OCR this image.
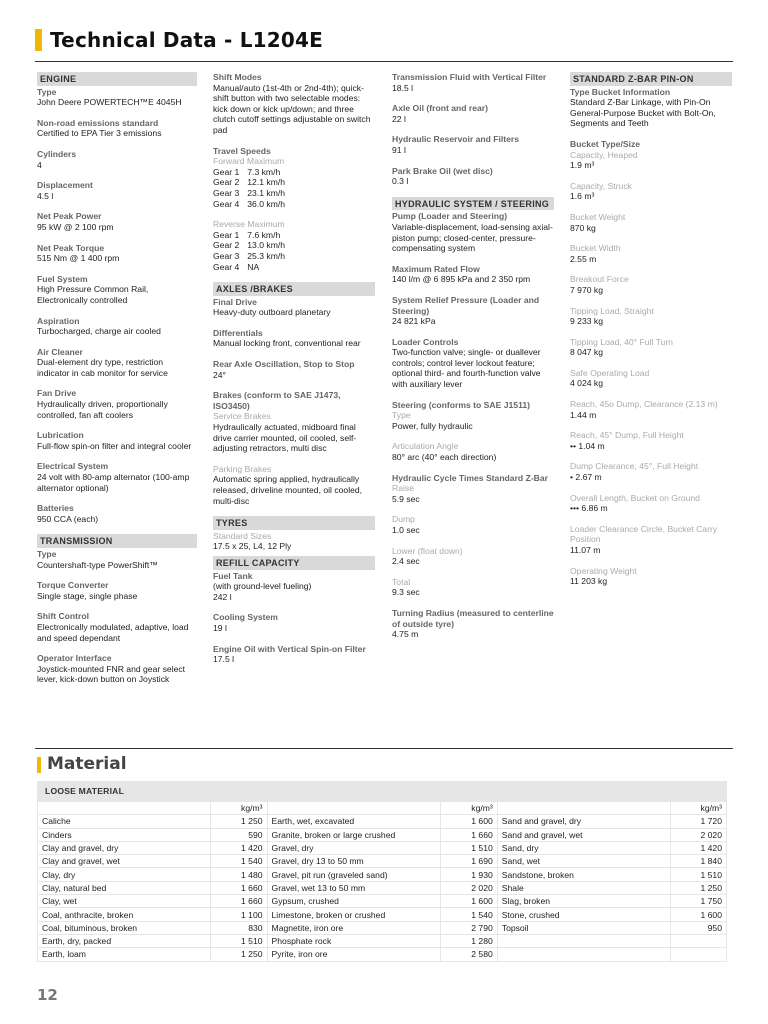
Technical Data - L1204E
ENGINE
Type
John Deere POWERTECH™E 4045H
Non-road emissions standard
Certified to EPA Tier 3 emissions
Cylinders
4
Displacement
4.5 l
Net Peak Power
95 kW @ 2 100 rpm
Net Peak Torque
515 Nm @ 1 400 rpm
Fuel System
High Pressure Common Rail, Electronically controlled
Aspiration
Turbocharged, charge air cooled
Air Cleaner
Dual-element dry type, restriction indicator in cab monitor for service
Fan Drive
Hydraulically driven, proportionally controlled, fan aft coolers
Lubrication
Full-flow spin-on filter and integral cooler
Electrical System
24 volt with 80-amp alternator (100-amp alternator optional)
Batteries
950 CCA (each)
TRANSMISSION
Type
Countershaft-type PowerShift™
Torque Converter
Single stage, single phase
Shift Control
Electronically modulated, adaptive, load and speed dependant
Operator Interface
Joystick-mounted FNR and gear select lever, kick-down button on Joystick
Shift Modes
Manual/auto (1st-4th or 2nd-4th); quick-shift button with two selectable modes: kick down or kick up/down; and three clutch cutoff settings adjustable on switch pad
Travel Speeds
Forward Maximum
Gear 1	7.3 km/h
Gear 2	12.1 km/h
Gear 3	23.1 km/h
Gear 4	36.0 km/h
Reverse Maximum
Gear 1	7.6 km/h
Gear 2	13.0 km/h
Gear 3	25.3 km/h
Gear 4	NA
AXLES /BRAKES
Final Drive
Heavy-duty outboard planetary
Differentials
Manual locking front, conventional rear
Rear Axle Oscillation, Stop to Stop
24°
Brakes (conform to SAE J1473, ISO3450)
Service Brakes
Hydraulically actuated, midboard final drive carrier mounted, oil cooled, self-adjusting retractors, multi disc
Parking Brakes
Automatic spring applied, hydraulically released, driveline mounted, oil cooled, multi-disc
TYRES
Standard Sizes
17.5 x 25, L4, 12 Ply
REFILL CAPACITY
Fuel Tank
(with ground-level fueling)
242 l
Cooling System
19 l
Engine Oil with Vertical Spin-on Filter
17.5 l
Transmission Fluid with Vertical Filter
18.5 l
Axle Oil (front and rear)
22 l
Hydraulic Reservoir and Filters
91 l
Park Brake Oil (wet disc)
0.3 l
HYDRAULIC SYSTEM / STEERING
Pump (Loader and Steering)
Variable-displacement, load-sensing axial-piston pump; closed-center, pressure-compensating system
Maximum Rated Flow
140 l/m @ 6 895 kPa and 2 350 rpm
System Relief Pressure (Loader and Steering)
24 821 kPa
Loader Controls
Two-function valve; single- or duallever controls; control lever lockout feature; optional third- and fourth-function valve with auxiliary lever
Steering (conforms to SAE J1511)
Type
Power, fully hydraulic
Articulation Angle
80° arc (40° each direction)
Hydraulic Cycle Times Standard Z-Bar
Raise
5.9 sec
Dump
1.0 sec
Lower (float down)
2.4 sec
Total
9.3 sec
Turning Radius (measured to centerline of outside tyre)
4.75 m
STANDARD Z-BAR PIN-ON
Type Bucket Information
Standard Z-Bar Linkage, with Pin-On General-Purpose Bucket with Bolt-On, Segments and Teeth
Bucket Type/Size
Capacity, Heaped
1.9 m³
Capacity, Struck
1.6 m³
Bucket Weight
870 kg
Bucket Width
2.55 m
Breakout Force
7 970 kg
Tipping Load, Straight
9 233 kg
Tipping Load, 40° Full Turn
8 047 kg
Safe Operating Load
4 024 kg
Reach, 45o Dump, Clearance (2.13 m)
1.44 m
Reach, 45° Dump, Full Height
•• 1.04 m
Dump Clearance, 45°, Full Height
• 2.67 m
Overall Length, Bucket on Ground
••• 6.86 m
Loader Clearance Circle, Bucket Carry Position
11.07 m
Operating Weight
11 203 kg
Material
LOOSE MATERIAL
	kg/m³		kg/m³		kg/m³
Caliche	1 250	Earth, wet, excavated	1 600	Sand and gravel, dry	1 720
Cinders	590	Granite, broken or large crushed	1 660	Sand and gravel, wet	2 020
Clay and gravel, dry	1 420	Gravel, dry	1 510	Sand, dry	1 420
Clay and gravel, wet	1 540	Gravel, dry 13 to 50 mm	1 690	Sand, wet	1 840
Clay, dry	1 480	Gravel, pit run (graveled sand)	1 930	Sandstone, broken	1 510
Clay, natural bed	1 660	Gravel, wet 13 to 50 mm	2 020	Shale	1 250
Clay, wet	1 660	Gypsum, crushed	1 600	Slag, broken	1 750
Coal, anthracite, broken	1 100	Limestone, broken or crushed	1 540	Stone, crushed	1 600
Coal, bituminous, broken	830	Magnetite, iron ore	2 790	Topsoil	950
Earth, dry, packed	1 510	Phosphate rock	1 280		
Earth, loam	1 250	Pyrite, iron ore	2 580		
12
